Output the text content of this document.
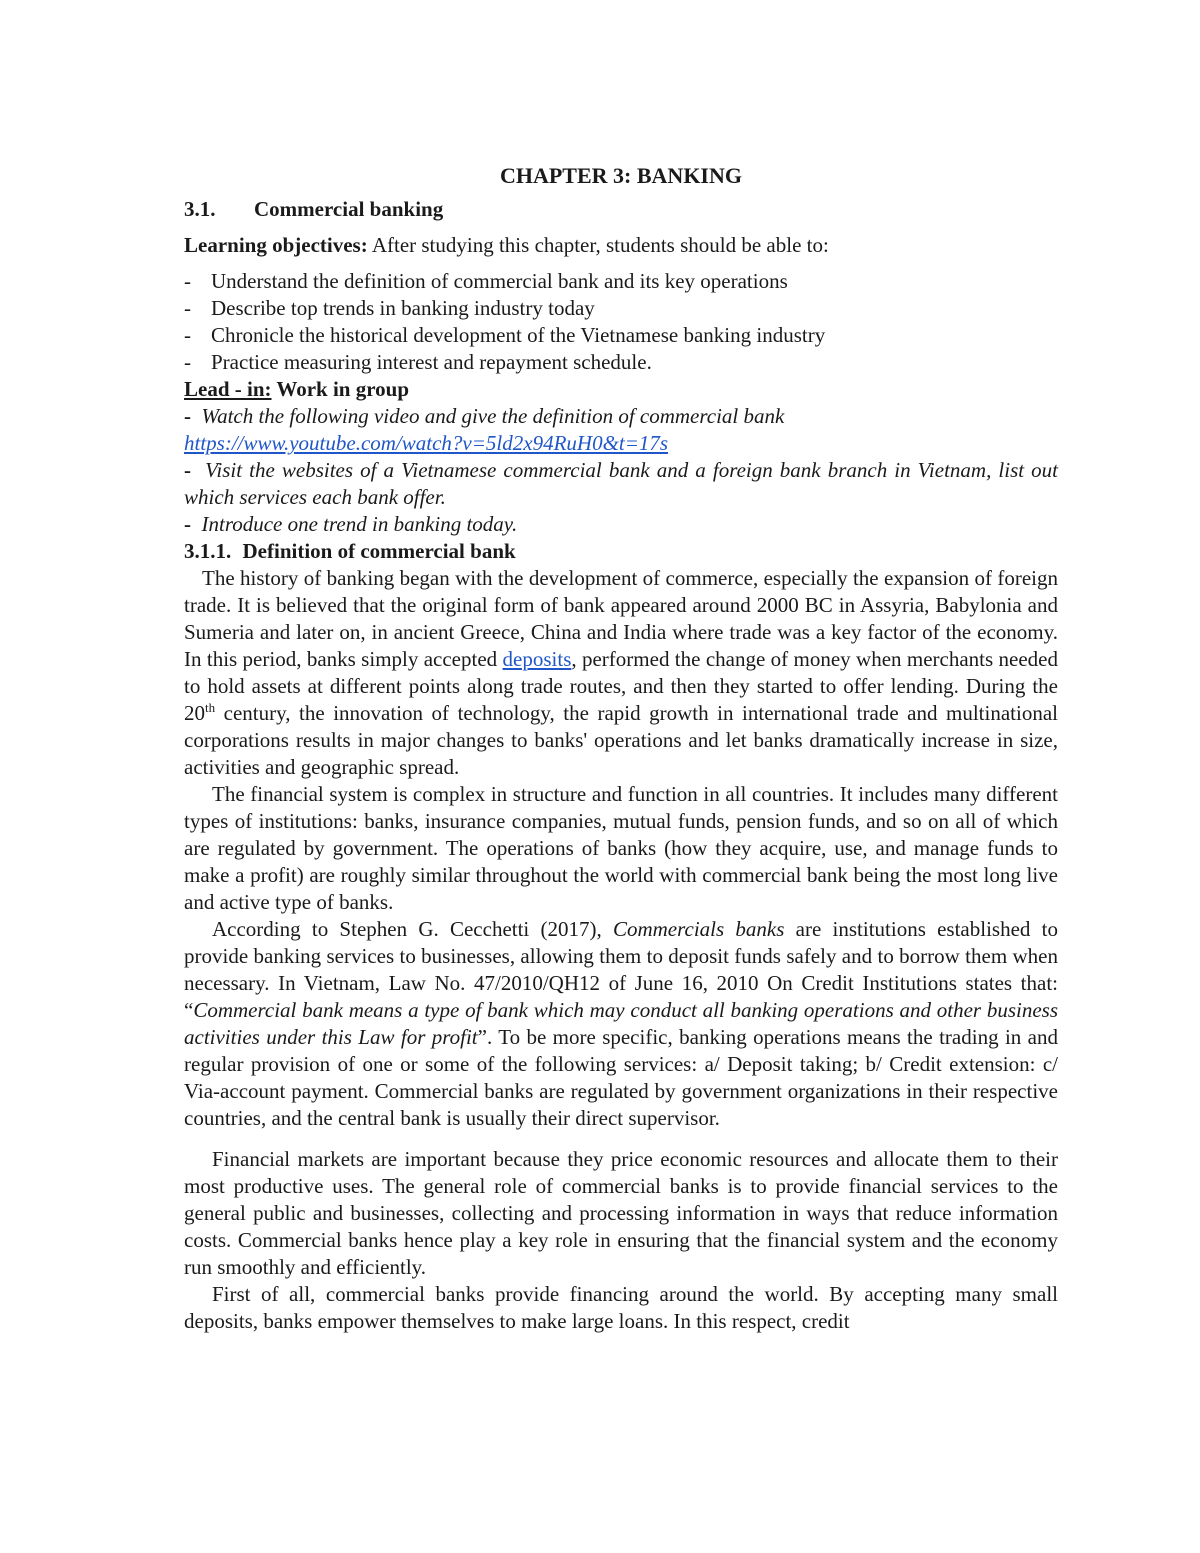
CHAPTER 3: BANKING
3.1.	Commercial banking
Learning objectives: After studying this chapter, students should be able to:
- Understand the definition of commercial bank and its key operations
- Describe top trends in banking industry today
- Chronicle the historical development of the Vietnamese banking industry
- Practice measuring interest and repayment schedule.
Lead - in: Work in group
- Watch the following video and give the definition of commercial bank
https://www.youtube.com/watch?v=5ld2x94RuH0&t=17s
- Visit the websites of a Vietnamese commercial bank and a foreign bank branch in Vietnam, list out which services each bank offer.
- Introduce one trend in banking today.
3.1.1. Definition of commercial bank

The history of banking began with the development of commerce, especially the expansion of foreign trade. It is believed that the original form of bank appeared around 2000 BC in Assyria, Babylonia and Sumeria and later on, in ancient Greece, China and India where trade was a key factor of the economy. In this period, banks simply accepted deposits, performed the change of money when merchants needed to hold assets at different points along trade routes, and then they started to offer lending. During the 20th century, the innovation of technology, the rapid growth in international trade and multinational corporations results in major changes to banks' operations and let banks dramatically increase in size, activities and geographic spread.

The financial system is complex in structure and function in all countries. It includes many different types of institutions: banks, insurance companies, mutual funds, pension funds, and so on all of which are regulated by government. The operations of banks (how they acquire, use, and manage funds to make a profit) are roughly similar throughout the world with commercial bank being the most long live and active type of banks.

According to Stephen G. Cecchetti (2017), Commercials banks are institutions established to provide banking services to businesses, allowing them to deposit funds safely and to borrow them when necessary. In Vietnam, Law No. 47/2010/QH12 of June 16, 2010 On Credit Institutions states that: “Commercial bank means a type of bank which may conduct all banking operations and other business activities under this Law for profit”. To be more specific, banking operations means the trading in and regular provision of one or some of the following services: a/ Deposit taking; b/ Credit extension: c/ Via-account payment. Commercial banks are regulated by government organizations in their respective countries, and the central bank is usually their direct supervisor.

Financial markets are important because they price economic resources and allocate them to their most productive uses. The general role of commercial banks is to provide financial services to the general public and businesses, collecting and processing information in ways that reduce information costs. Commercial banks hence play a key role in ensuring that the financial system and the economy run smoothly and efficiently.

First of all, commercial banks provide financing around the world. By accepting many small deposits, banks empower themselves to make large loans. In this respect, credit
